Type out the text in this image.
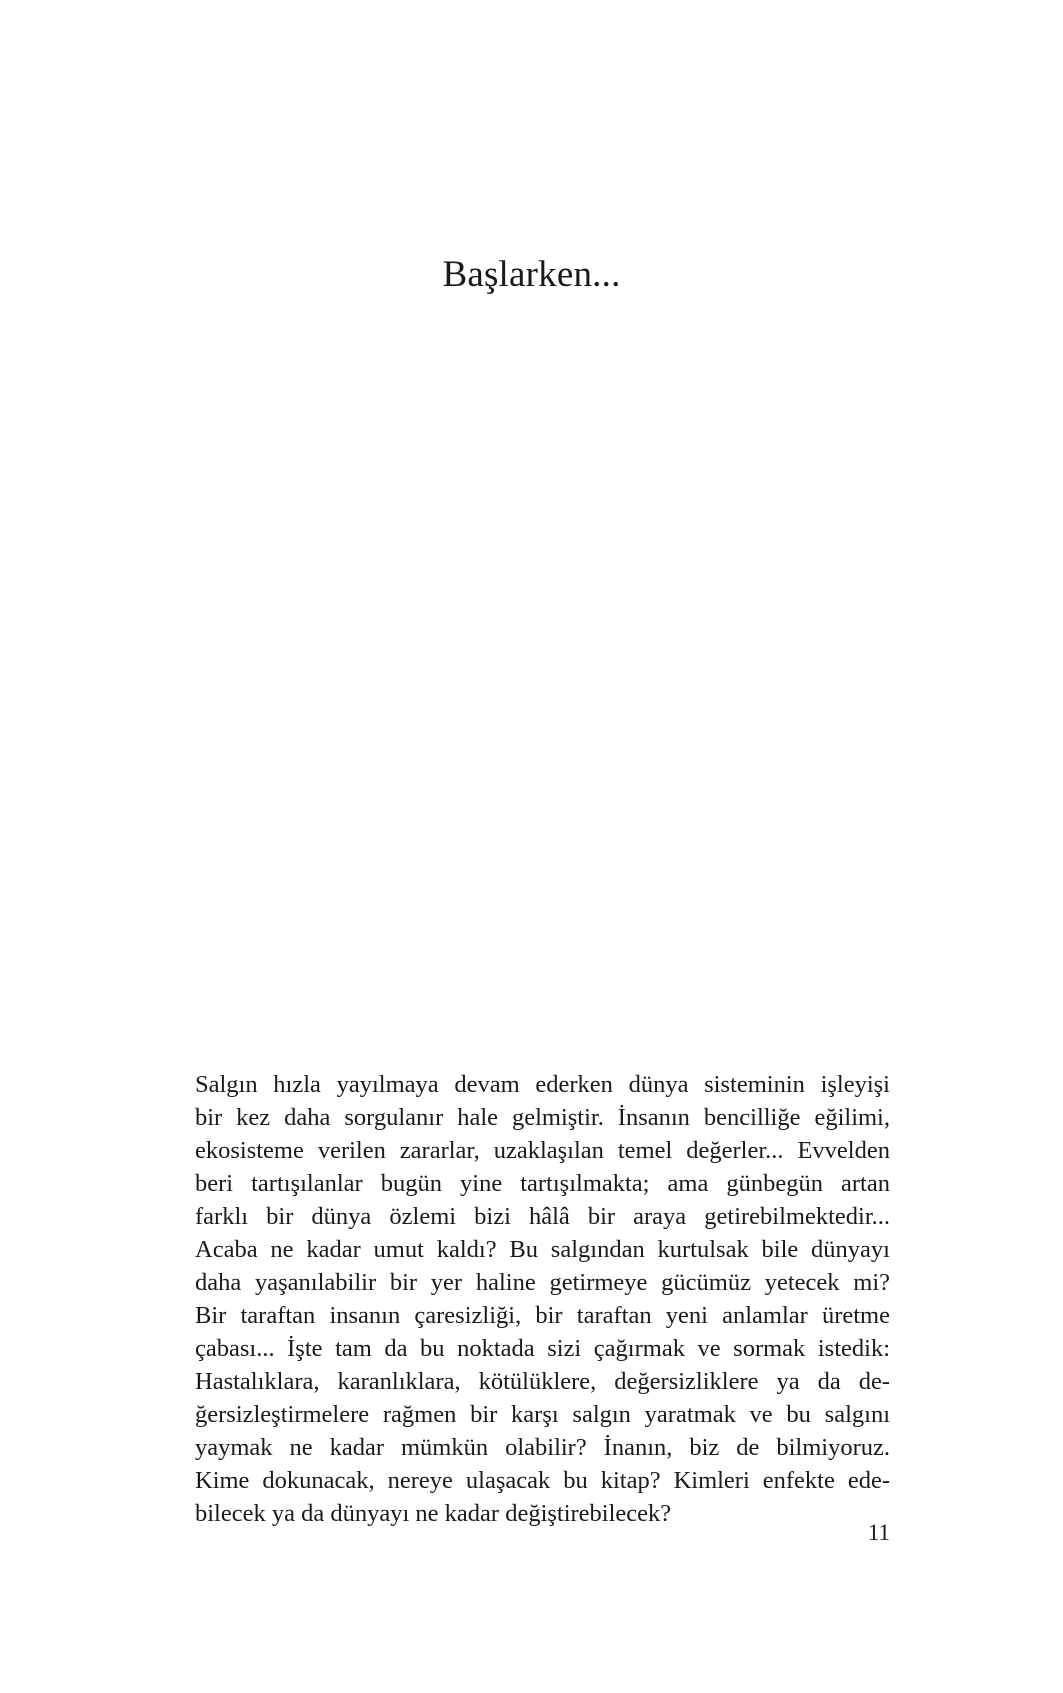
Başlarken...
Salgın hızla yayılmaya devam ederken dünya sisteminin işleyişi
bir kez daha sorgulanır hale gelmiştir. İnsanın bencilliğe eğilimi,
ekosisteme verilen zararlar, uzaklaşılan temel değerler... Evvelden
beri tartışılanlar bugün yine tartışılmakta; ama günbegün artan
farklı bir dünya özlemi bizi hâlâ bir araya getirebilmektedir...
Acaba ne kadar umut kaldı? Bu salgından kurtulsak bile dünyayı
daha yaşanılabilir bir yer haline getirmeye gücümüz yetecek mi?
Bir taraftan insanın çaresizliği, bir taraftan yeni anlamlar üretme
çabası... İşte tam da bu noktada sizi çağırmak ve sormak istedik:
Hastalıklara, karanlıklara, kötülüklere, değersizliklere ya da de-
ğersizleştirmelere rağmen bir karşı salgın yaratmak ve bu salgını
yaymak ne kadar mümkün olabilir? İnanın, biz de bilmiyoruz.
Kime dokunacak, nereye ulaşacak bu kitap? Kimleri enfekte ede-
bilecek ya da dünyayı ne kadar değiştirebilecek?
11
